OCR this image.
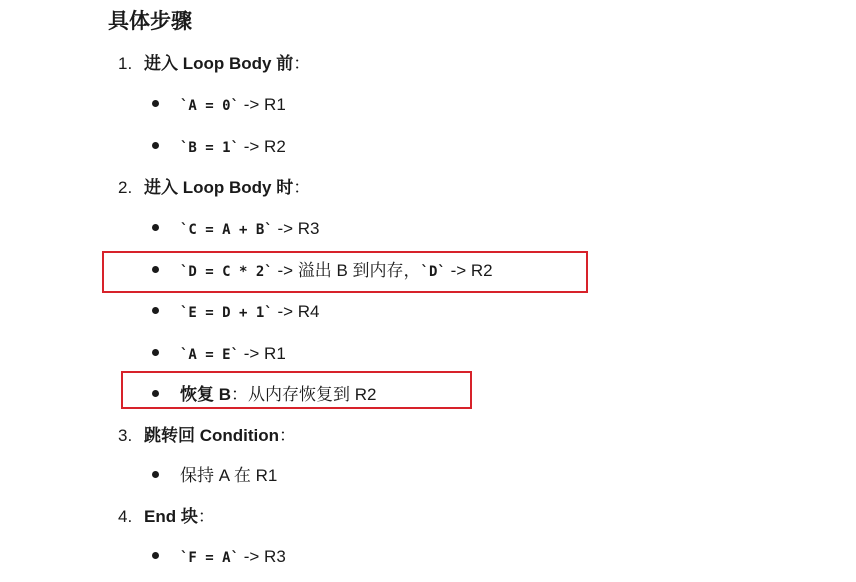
具体步骤
1. 进入 Loop Body 前：
`A = 0` -> R1
`B = 1` -> R2
2. 进入 Loop Body 时：
`C = A + B` -> R3
`D = C * 2` -> 溢出 B 到内存，`D` -> R2
`E = D + 1` -> R4
`A = E` -> R1
恢复 B：从内存恢复到 R2
3. 跳转回 Condition：
保持 A 在 R1
4. End 块：
`F = A` -> R3
